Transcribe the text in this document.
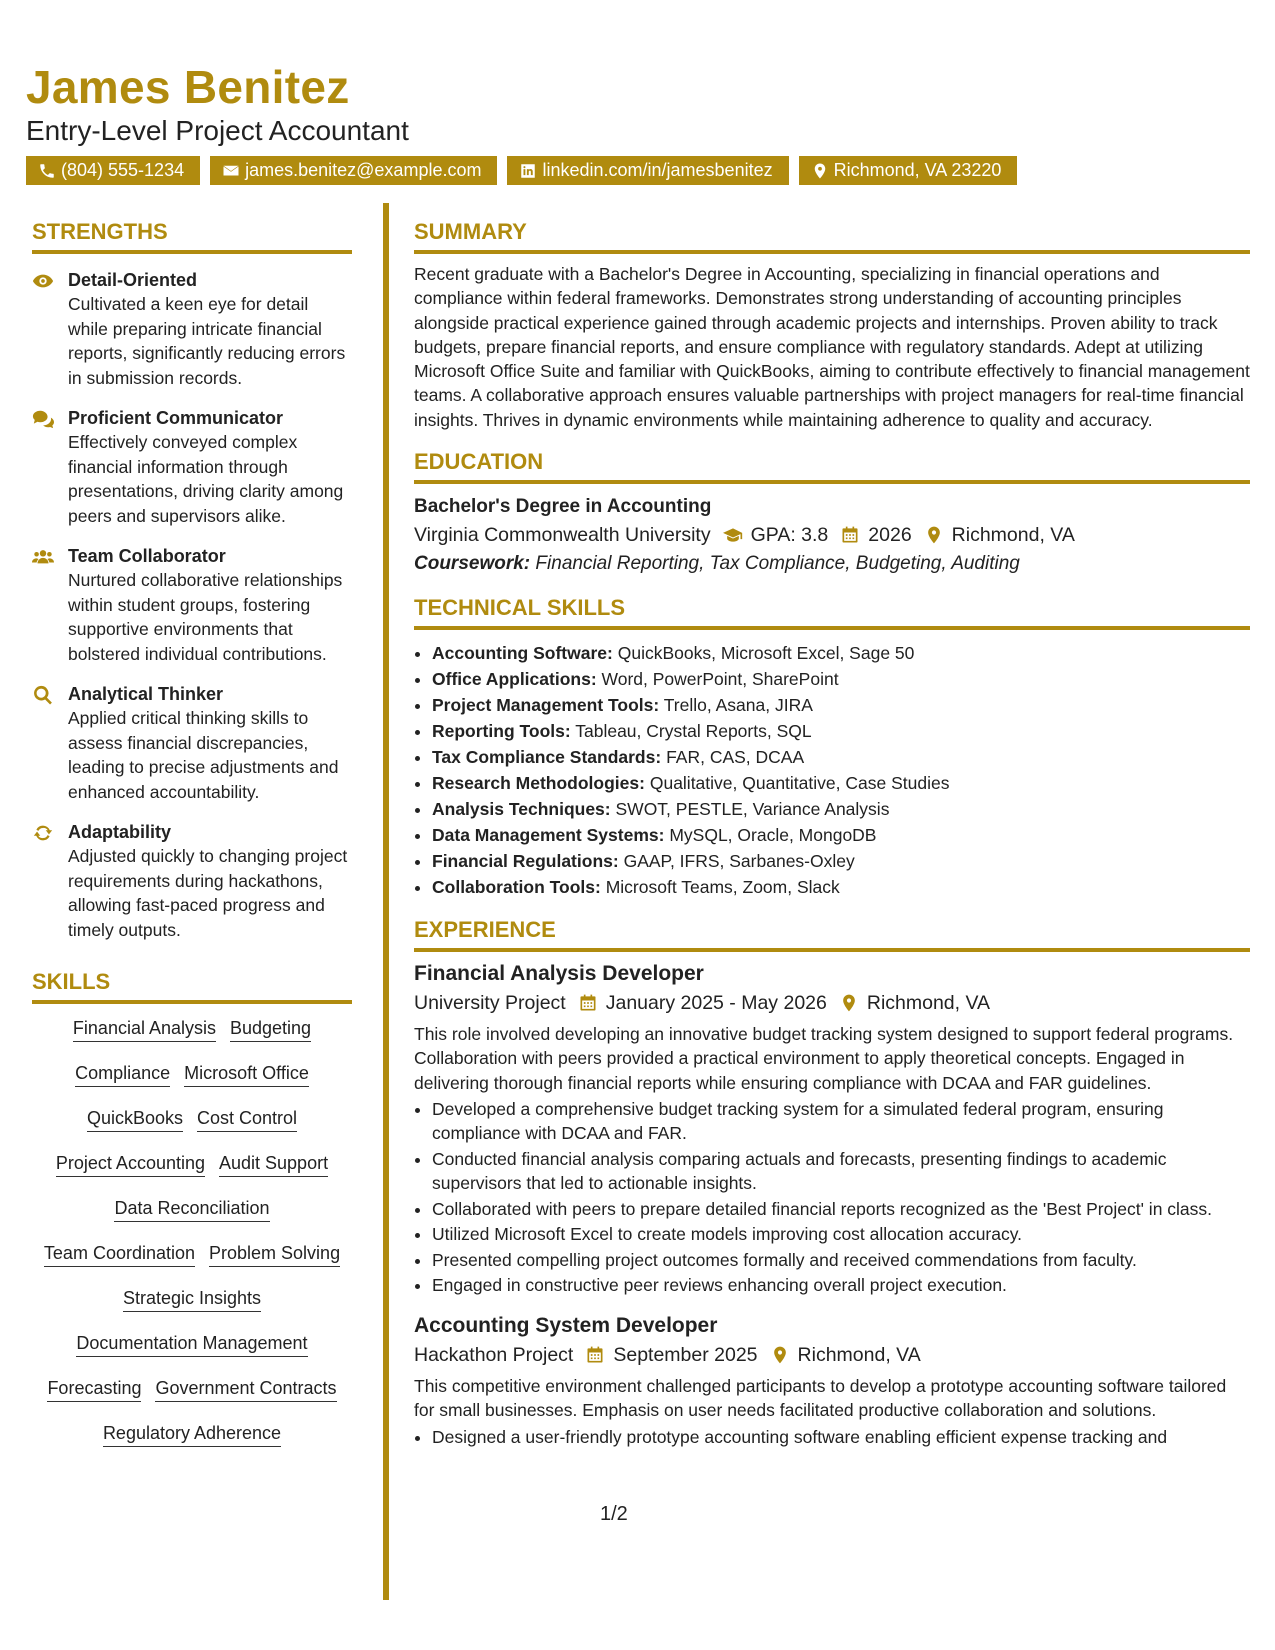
James Benitez

Entry-Level Project Accountant

(804) 555-1234	james.benitez@example.com	linkedin.com/in/jamesbenitez	Richmond, VA 23220
STRENGTHS
Detail-Oriented
Cultivated a keen eye for detail while preparing intricate financial reports, significantly reducing errors in submission records.
Proficient Communicator
Effectively conveyed complex financial information through presentations, driving clarity among peers and supervisors alike.
Team Collaborator
Nurtured collaborative relationships within student groups, fostering supportive environments that bolstered individual contributions.
Analytical Thinker
Applied critical thinking skills to assess financial discrepancies, leading to precise adjustments and enhanced accountability.
Adaptability
Adjusted quickly to changing project requirements during hackathons, allowing fast-paced progress and timely outputs.
SKILLS
Financial Analysis BudgetingCompliance Microsoft OfficeQuickBooks Cost ControlProject Accounting Audit SupportData ReconciliationTeam Coordination Problem SolvingStrategic InsightsDocumentation ManagementForecasting Government ContractsRegulatory Adherence
SUMMARY

Recent graduate with a Bachelor's Degree in Accounting, specializing in financial operations and compliance within federal frameworks. Demonstrates strong understanding of accounting principles alongside practical experience gained through academic projects and internships. Proven ability to track budgets, prepare financial reports, and ensure compliance with regulatory standards. Adept at utilizing Microsoft Office Suite and familiar with QuickBooks, aiming to contribute effectively to financial management teams. A collaborative approach ensures valuable partnerships with project managers for real-time financial insights. Thrives in dynamic environments while maintaining adherence to quality and accuracy.

EDUCATION
Bachelor's Degree in Accounting
Virginia Commonwealth University GPA: 3.8 2026 Richmond, VA
Coursework: Financial Reporting, Tax Compliance, Budgeting, Auditing
TECHNICAL SKILLS
• Accounting Software: QuickBooks, Microsoft Excel, Sage 50
• Office Applications: Word, PowerPoint, SharePoint
• Project Management Tools: Trello, Asana, JIRA
• Reporting Tools: Tableau, Crystal Reports, SQL
• Tax Compliance Standards: FAR, CAS, DCAA
• Research Methodologies: Qualitative, Quantitative, Case Studies
• Analysis Techniques: SWOT, PESTLE, Variance Analysis
• Data Management Systems: MySQL, Oracle, MongoDB
• Financial Regulations: GAAP, IFRS, Sarbanes-Oxley
• Collaboration Tools: Microsoft Teams, Zoom, Slack
EXPERIENCE
Financial Analysis Developer
University Project January 2025 - May 2026 Richmond, VA

This role involved developing an innovative budget tracking system designed to support federal programs. Collaboration with peers provided a practical environment to apply theoretical concepts. Engaged in delivering thorough financial reports while ensuring compliance with DCAA and FAR guidelines.

• Developed a comprehensive budget tracking system for a simulated federal program, ensuring compliance with DCAA and FAR.
• Conducted financial analysis comparing actuals and forecasts, presenting findings to academic supervisors that led to actionable insights.
• Collaborated with peers to prepare detailed financial reports recognized as the 'Best Project' in class.
• Utilized Microsoft Excel to create models improving cost allocation accuracy.
• Presented compelling project outcomes formally and received commendations from faculty.
• Engaged in constructive peer reviews enhancing overall project execution.
Accounting System Developer
Hackathon Project September 2025 Richmond, VA

This competitive environment challenged participants to develop a prototype accounting software tailored for small businesses. Emphasis on user needs facilitated productive collaboration and solutions.

• Designed a user-friendly prototype accounting software enabling efficient expense tracking and
1/2
